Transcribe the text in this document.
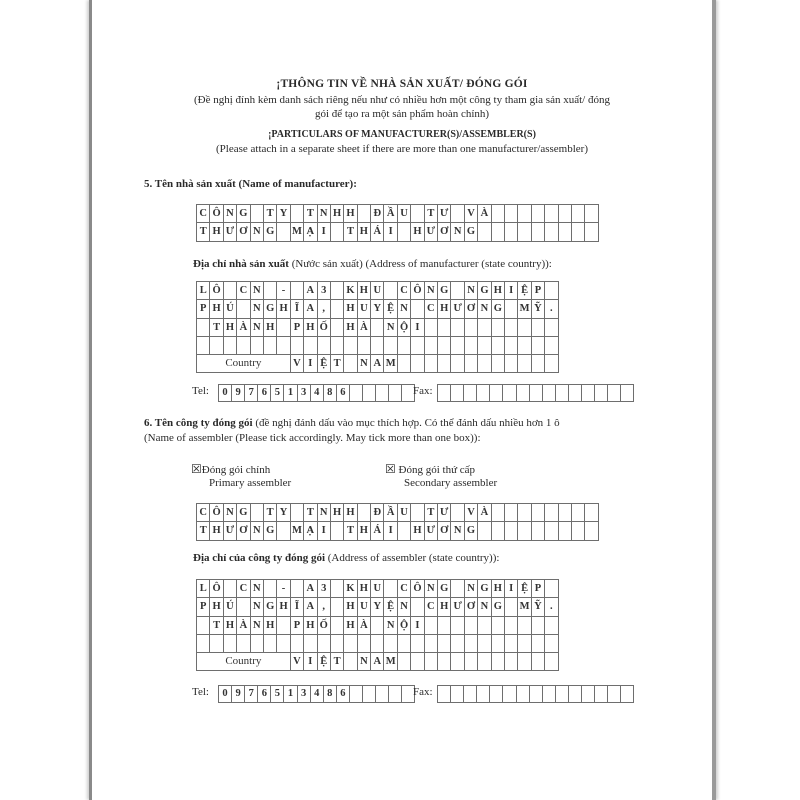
¡THÔNG TIN VỀ NHÀ SẢN XUẤT/ ĐÓNG GÓI
(Đề nghị đính kèm danh sách riêng nếu như có nhiều hơn một công ty tham gia sản xuất/ đóng
gói để tạo ra một sản phẩm hoàn chỉnh)
¡PARTICULARS OF MANUFACTURER(S)/ASSEMBLER(S)
(Please attach in a separate sheet if there are more than one manufacturer/assembler)
5. Tên nhà sản xuất (Name of manufacturer):
C	Ô	N	G		T	Y		T	N	H	H		Đ	Ầ	U		T	Ư		V	À								
T	H	Ư	Ơ	N	G		M	Ạ	I		T	H	Á	I		H	Ư	Ơ	N	G									
Địa chỉ nhà sản xuất (Nước sản xuất) (Address of manufacturer (state country)):
L	Ô		C	N		-		A	3		K	H	U		C	Ô	N	G		N	G	H	I	Ệ	P	
P	H	Ú		N	G	H	Ĩ	A	,		H	U	Y	Ệ	N		C	H	Ư	Ơ	N	G		M	Ỹ	.
	T	H	À	N	H		P	H	Ố		H	À		N	Ộ	I										

Country							V	I	Ệ	T		N	A	M												
Tel:	0 9 7 6 5 1 3 4 8 6	Fax:
6. Tên công ty đóng gói (đề nghị đánh dấu vào mục thích hợp. Có thể đánh dấu nhiều hơn 1 ô
(Name of assembler (Please tick accordingly. May tick more than one box)):
☒Đóng gói chính
Primary assembler
☒ Đóng gói thứ cấp
Secondary assembler
C	Ô	N	G		T	Y		T	N	H	H		Đ	Ầ	U		T	Ư		V	À								
T	H	Ư	Ơ	N	G		M	Ạ	I		T	H	Á	I		H	Ư	Ơ	N	G									
Địa chỉ của công ty đóng gói (Address of assembler (state country)):
L	Ô		C	N		-		A	3		K	H	U		C	Ô	N	G		N	G	H	I	Ệ	P	
P	H	Ú		N	G	H	Ĩ	A	,		H	U	Y	Ệ	N		C	H	Ư	Ơ	N	G		M	Ỹ	.
	T	H	À	N	H		P	H	Ố		H	À		N	Ộ	I										

Country							V	I	Ệ	T		N	A	M												
Tel:	0 9 7 6 5 1 3 4 8 6	Fax:
